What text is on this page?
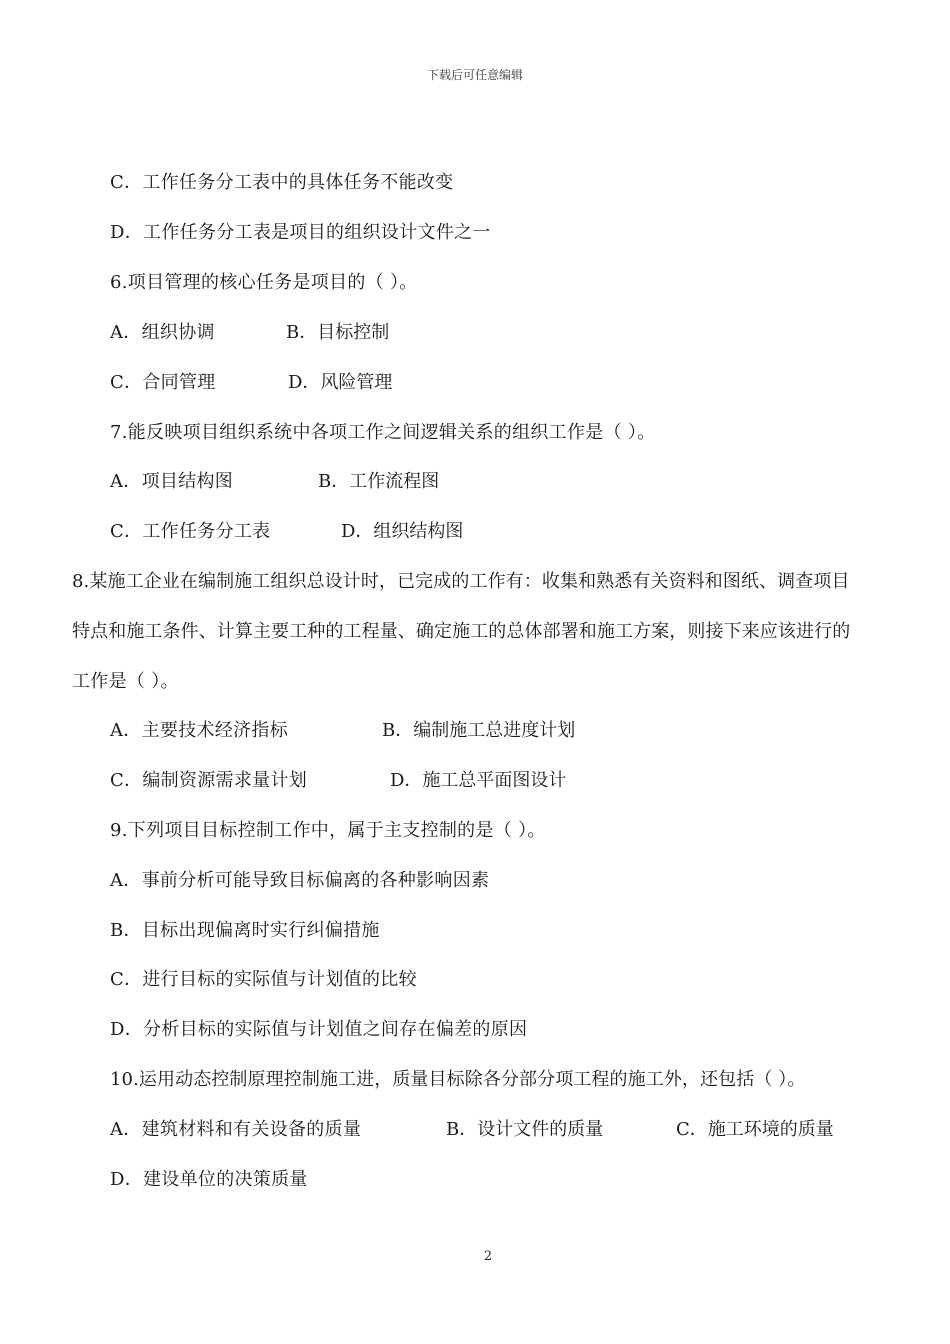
下载后可任意编辑
C．工作任务分工表中的具体任务不能改变
D．工作任务分工表是项目的组织设计文件之一
6.项目管理的核心任务是项目的（ ）。
A．组织协调	B．目标控制
C．合同管理	D．风险管理
7.能反映项目组织系统中各项工作之间逻辑关系的组织工作是（ ）。
A．项目结构图	B．工作流程图
C．工作任务分工表	D．组织结构图
8.某施工企业在编制施工组织总设计时，已完成的工作有：收集和熟悉有关资料和图纸、调查项目
特点和施工条件、计算主要工种的工程量、确定施工的总体部署和施工方案，则接下来应该进行的
工作是（ ）。
A．主要技术经济指标	B．编制施工总进度计划
C．编制资源需求量计划	D．施工总平面图设计
9.下列项目目标控制工作中，属于主支控制的是（ ）。
A．事前分析可能导致目标偏离的各种影响因素
B．目标出现偏离时实行纠偏措施
C．进行目标的实际值与计划值的比较
D．分析目标的实际值与计划值之间存在偏差的原因
10.运用动态控制原理控制施工进，质量目标除各分部分项工程的施工外，还包括（ ）。
A．建筑材料和有关设备的质量	B．设计文件的质量	C．施工环境的质量
D．建设单位的决策质量
2
